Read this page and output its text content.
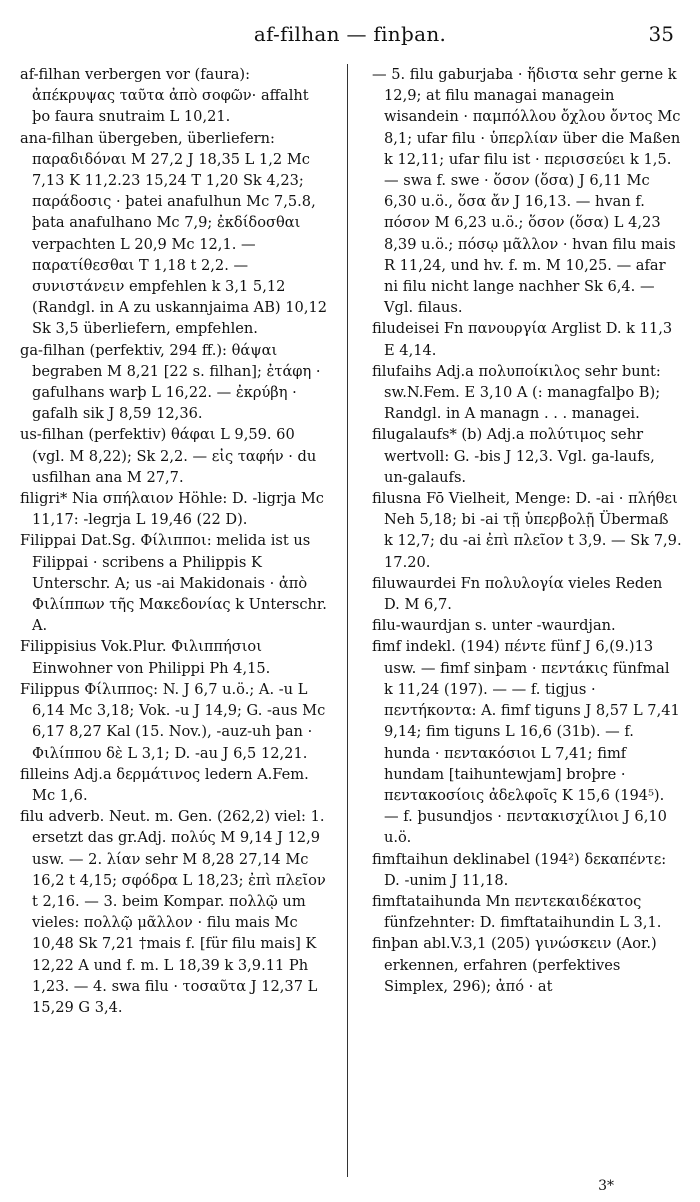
af-filhan — finþan.	35

af-filhan verbergen vor (faura): ἀπέκρυψας ταῦτα ἀπὸ σοφῶν· affalht þo faura snutraim L 10,21.

ana-filhan übergeben, überliefern: παραδιδόναι M 27,2 J 18,35 L 1,2 Mc 7,13 K 11,2.23 15,24 T 1,20 Sk 4,23; παράδοσις · þatei anafulhun Mc 7,5.8, þata anafulhano Mc 7,9; ἐκδίδοσθαι verpachten L 20,9 Mc 12,1. — παρατίθεσθαι T 1,18 t 2,2. — συνιστάνειν empfehlen k 3,1 5,12 (Randgl. in A zu uskannjaima AB) 10,12 Sk 3,5 überliefern, empfehlen.

ga-filhan (perfektiv, 294 ff.): θάψαι begraben M 8,21 [22 s. filhan]; ἐτάφη · gafulhans warþ L 16,22. — ἐκρύβη · gafalh sik J 8,59 12,36.

us-filhan (perfektiv) θάφαι L 9,59. 60 (vgl. M 8,22); Sk 2,2. — εἰς ταφήν · du usfilhan ana M 27,7.

filigri* Nia σπήλαιον Höhle: D. -ligrja Mc 11,17: -legrja L 19,46 (22 D).

Filippai Dat.Sg. Φίλιπποι: melida ist us Filippai · scribens a Philippis K Unterschr. A; us -ai Makidonais · ἀπὸ Φιλίππων τῆς Μακεδονίας k Unterschr. A.

Filippisius Vok.Plur. Φιλιππήσιοι Einwohner von Philippi Ph 4,15.

Filippus Φίλιππος: N. J 6,7 u.ö.; A. -u L 6,14 Mc 3,18; Vok. -u J 14,9; G. -aus Mc 6,17 8,27 Kal (15. Nov.), -auz-uh þan · Φιλίππου δὲ L 3,1; D. -au J 6,5 12,21.

filleins Adj.a δερμάτινος ledern A.Fem. Mc 1,6.

filu adverb. Neut. m. Gen. (262,2) viel: 1. ersetzt das gr.Adj. πολύς M 9,14 J 12,9 usw. — 2. λίαν sehr M 8,28 27,14 Mc 16,2 t 4,15; σφόδρα L 18,23; ἐπὶ πλεῖον t 2,16. — 3. beim Kompar. πολλῷ um vieles: πολλῷ μᾶλλον · filu mais Mc 10,48 Sk 7,21 †mais f. [für filu mais] K 12,22 A und f. m. L 18,39 k 3,9.11 Ph 1,23. — 4. swa filu · τοσαῦτα J 12,37 L 15,29 G 3,4.

— 5. filu gaburjaba · ἥδιστα sehr gerne k 12,9; at filu managai managein wisandein · παμπόλλου ὄχλου ὄντος Mc 8,1; ufar filu · ὑπερλίαν über die Maßen k 12,11; ufar filu ist · περισσεύει k 1,5. — swa f. swe · ὅσον (ὅσα) J 6,11 Mc 6,30 u.ö., ὅσα ἄν J 16,13. — hvan f. πόσον M 6,23 u.ö.; ὅσον (ὅσα) L 4,23 8,39 u.ö.; πόσῳ μᾶλλον · hvan filu mais R 11,24, und hv. f. m. M 10,25. — afar ni filu nicht lange nachher Sk 6,4. — Vgl. filaus.

filudeisei Fn πανουργία Arglist D. k 11,3 E 4,14.

filufaihs Adj.a πολυποίκιλος sehr bunt: sw.N.Fem. E 3,10 A (: managfalþo B); Randgl. in A managn . . . managei.

filugalaufs* (b) Adj.a πολύτιμος sehr wertvoll: G. -bis J 12,3. Vgl. ga-laufs, un-galaufs.

filusna Fō Vielheit, Menge: D. -ai · πλήθει Neh 5,18; bi -ai τῇ ὑπερβολῇ Übermaß k 12,7; du -ai ἐπὶ πλεῖον t 3,9. — Sk 7,9. 17.20.

filuwaurdei Fn πολυλογία vieles Reden D. M 6,7.

filu-waurdjan s. unter -waurdjan.

fimf indekl. (194) πέντε fünf J 6,(9.)13 usw. — fimf sinþam · πεντάκις fünfmal k 11,24 (197). — — f. tigjus · πεντήκοντα: A. fimf tiguns J 8,57 L 7,41 9,14; fim tiguns L 16,6 (31b). — f. hunda · πεντακόσιοι L 7,41; fimf hundam [taihuntewjam] broþre · πεντακοσίοις ἀδελφοῖς K 15,6 (194⁵). — f. þusundjos · πεντακισχίλιοι J 6,10 u.ö.

fimftaihun deklinabel (194²) δεκαπέντε: D. -unim J 11,18.

fimftataihunda Mn πεντεκαιδέκατος fünfzehnter: D. fimftataihundin L 3,1.

finþan abl.V.3,1 (205) γινώσκειν (Aor.) erkennen, erfahren (perfektives Simplex, 296); ἀπό · at

3*
